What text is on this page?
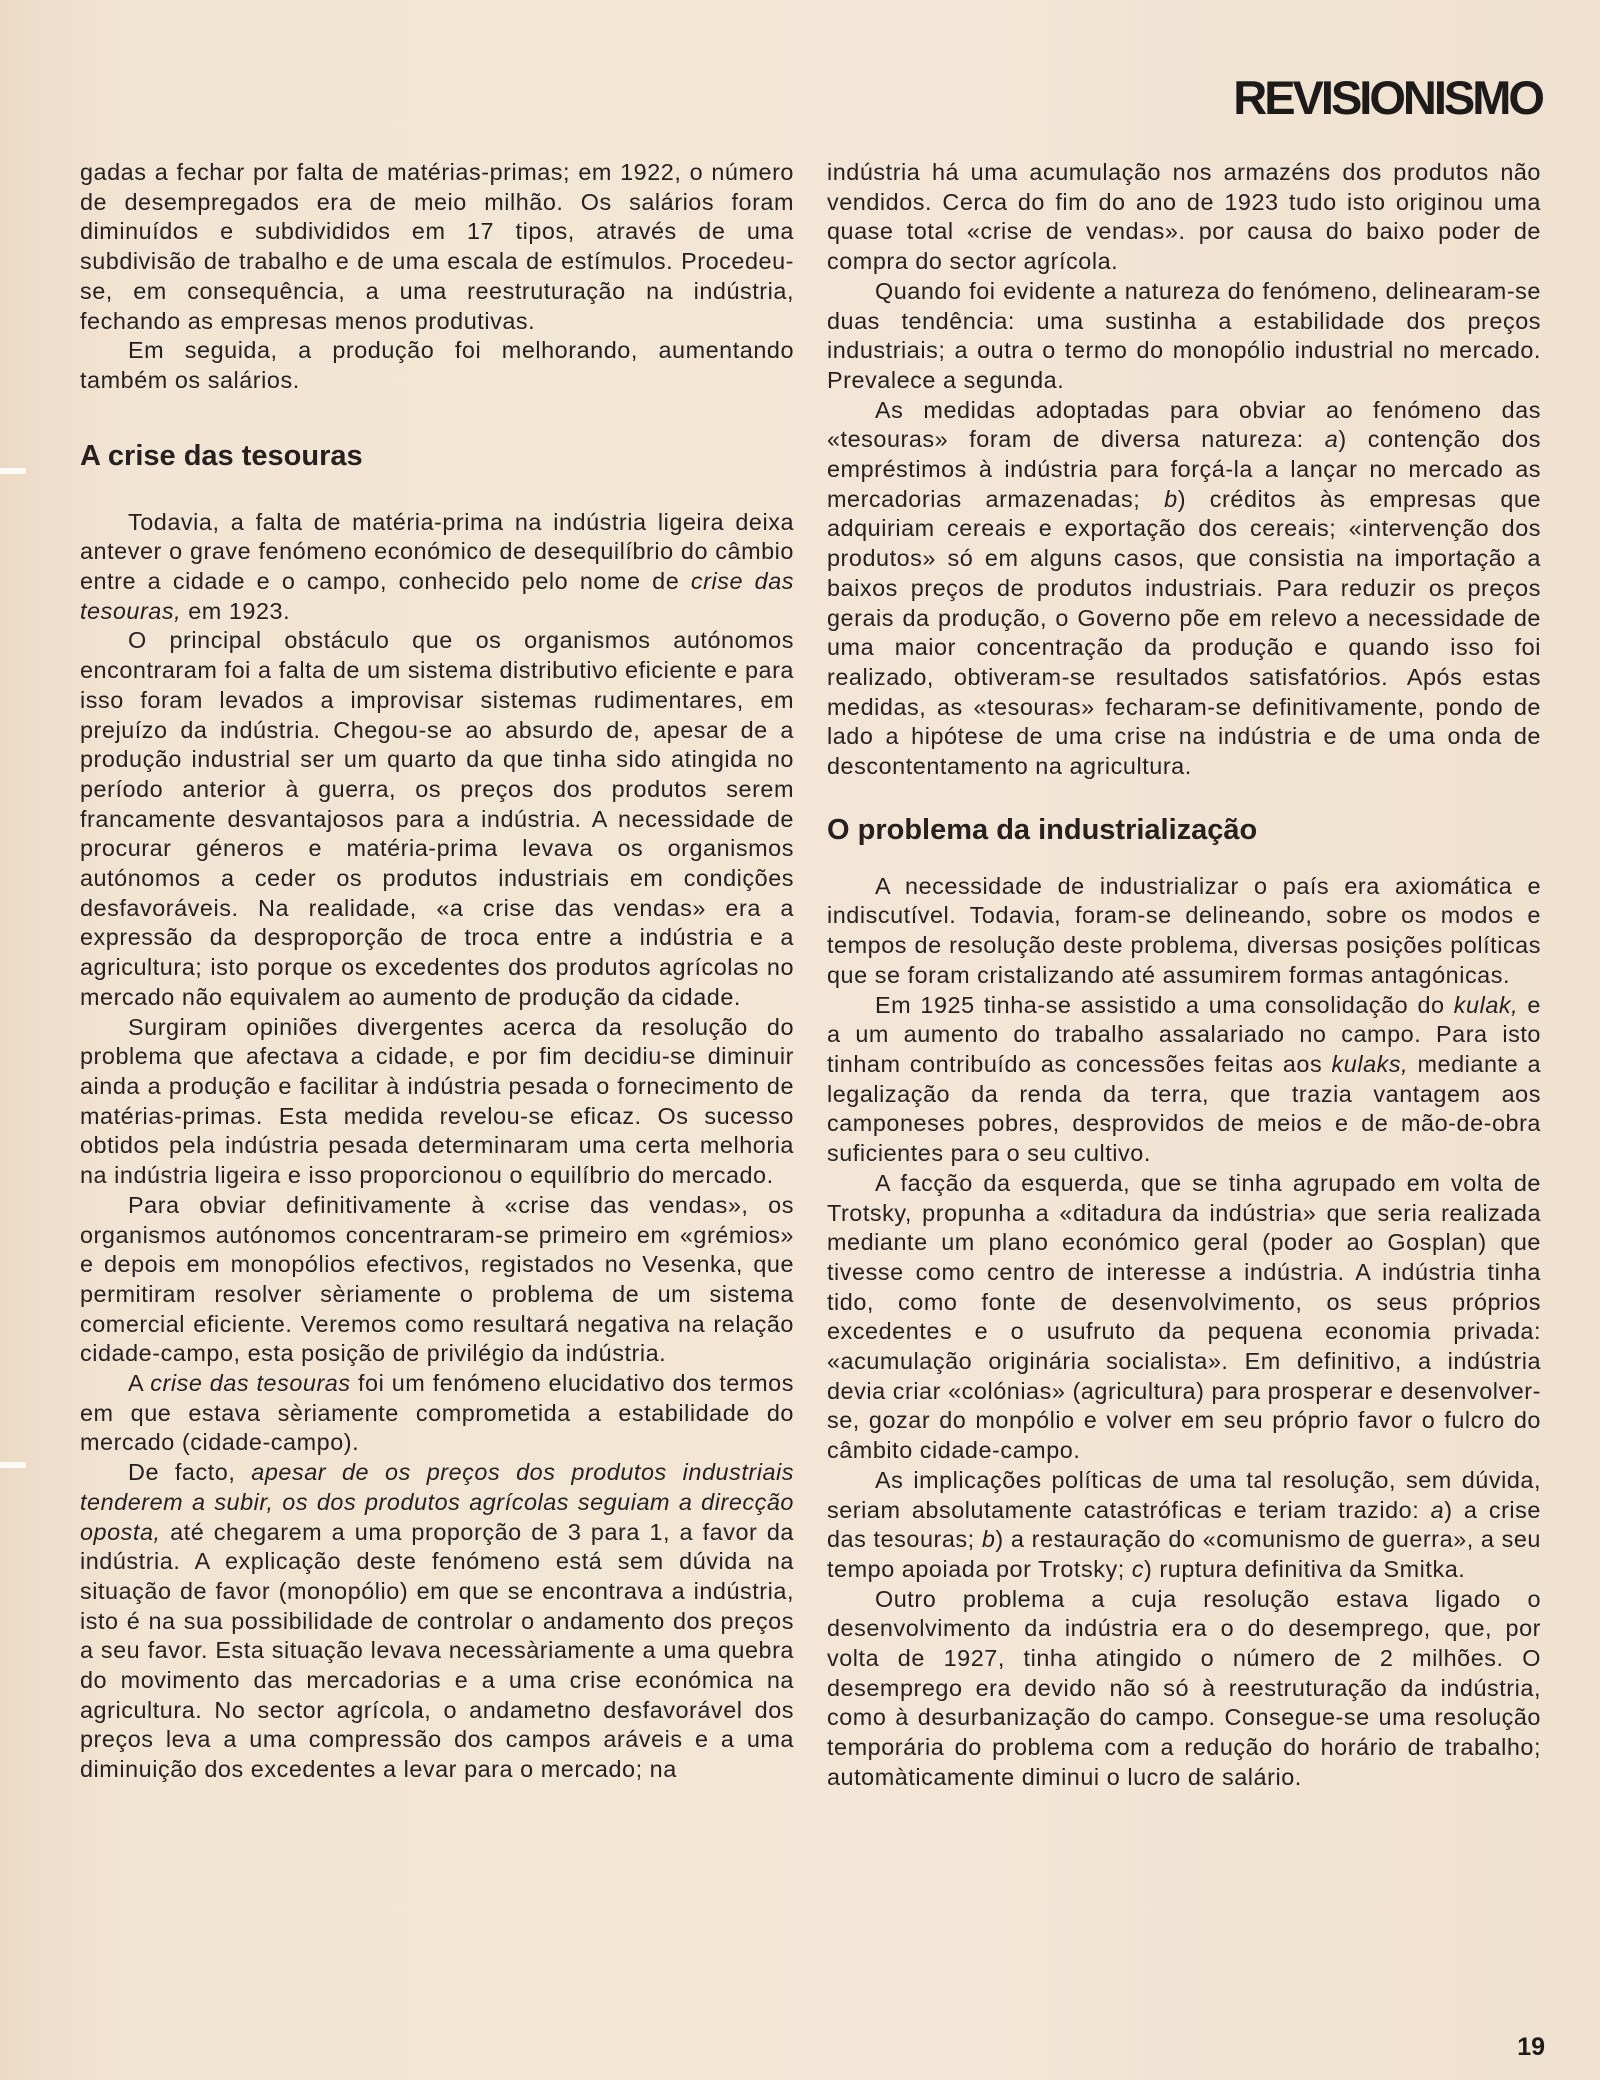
REVISIONISMO

gadas a fechar por falta de matérias-primas; em 1922, o número de desempregados era de meio milhão. Os salários foram diminuídos e subdivididos em 17 tipos, através de uma subdivisão de trabalho e de uma escala de estímulos. Procedeu-se, em consequência, a uma reestruturação na indústria, fechando as empresas menos produtivas.

Em seguida, a produção foi melhorando, aumentando também os salários.

A crise das tesouras

Todavia, a falta de matéria-prima na indústria ligeira deixa antever o grave fenómeno económico de desequilíbrio do câmbio entre a cidade e o campo, conhecido pelo nome de crise das tesouras, em 1923.

O principal obstáculo que os organismos autónomos encontraram foi a falta de um sistema distributivo eficiente e para isso foram levados a improvisar sistemas rudimentares, em prejuízo da indústria. Chegou-se ao absurdo de, apesar de a produção industrial ser um quarto da que tinha sido atingida no período anterior à guerra, os preços dos produtos serem francamente desvantajosos para a indústria. A necessidade de procurar géneros e matéria-prima levava os organismos autónomos a ceder os produtos industriais em condições desfavoráveis. Na realidade, «a crise das vendas» era a expressão da desproporção de troca entre a indústria e a agricultura; isto porque os excedentes dos produtos agrícolas no mercado não equivalem ao aumento de produção da cidade.

Surgiram opiniões divergentes acerca da resolução do problema que afectava a cidade, e por fim decidiu-se diminuir ainda a produção e facilitar à indústria pesada o fornecimento de matérias-primas. Esta medida revelou-se eficaz. Os sucesso obtidos pela indústria pesada determinaram uma certa melhoria na indústria ligeira e isso proporcionou o equilíbrio do mercado.

Para obviar definitivamente à «crise das vendas», os organismos autónomos concentraram-se primeiro em «grémios» e depois em monopólios efectivos, registados no Vesenka, que permitiram resolver sèriamente o problema de um sistema comercial eficiente. Veremos como resultará negativa na relação cidade-campo, esta posição de privilégio da indústria.

A crise das tesouras foi um fenómeno elucidativo dos termos em que estava sèriamente comprometida a estabilidade do mercado (cidade-campo).

De facto, apesar de os preços dos produtos industriais tenderem a subir, os dos produtos agrícolas seguiam a direcção oposta, até chegarem a uma proporção de 3 para 1, a favor da indústria. A explicação deste fenómeno está sem dúvida na situação de favor (monopólio) em que se encontrava a indústria, isto é na sua possibilidade de controlar o andamento dos preços a seu favor. Esta situação levava necessàriamente a uma quebra do movimento das mercadorias e a uma crise económica na agricultura. No sector agrícola, o andametno desfavorável dos preços leva a uma compressão dos campos aráveis e a uma diminuição dos excedentes a levar para o mercado; na

indústria há uma acumulação nos armazéns dos produtos não vendidos. Cerca do fim do ano de 1923 tudo isto originou uma quase total «crise de vendas». por causa do baixo poder de compra do sector agrícola.

Quando foi evidente a natureza do fenómeno, delinearam-se duas tendência: uma sustinha a estabilidade dos preços industriais; a outra o termo do monopólio industrial no mercado. Prevalece a segunda.

As medidas adoptadas para obviar ao fenómeno das «tesouras» foram de diversa natureza: a) contenção dos empréstimos à indústria para forçá-la a lançar no mercado as mercadorias armazenadas; b) créditos às empresas que adquiriam cereais e exportação dos cereais; «intervenção dos produtos» só em alguns casos, que consistia na importação a baixos preços de produtos industriais. Para reduzir os preços gerais da produção, o Governo põe em relevo a necessidade de uma maior concentração da produção e quando isso foi realizado, obtiveram-se resultados satisfatórios. Após estas medidas, as «tesouras» fecharam-se definitivamente, pondo de lado a hipótese de uma crise na indústria e de uma onda de descontentamento na agricultura.

O problema da industrialização

A necessidade de industrializar o país era axiomática e indiscutível. Todavia, foram-se delineando, sobre os modos e tempos de resolução deste problema, diversas posições políticas que se foram cristalizando até assumirem formas antagónicas.

Em 1925 tinha-se assistido a uma consolidação do kulak, e a um aumento do trabalho assalariado no campo. Para isto tinham contribuído as concessões feitas aos kulaks, mediante a legalização da renda da terra, que trazia vantagem aos camponeses pobres, desprovidos de meios e de mão-de-obra suficientes para o seu cultivo.

A facção da esquerda, que se tinha agrupado em volta de Trotsky, propunha a «ditadura da indústria» que seria realizada mediante um plano económico geral (poder ao Gosplan) que tivesse como centro de interesse a indústria. A indústria tinha tido, como fonte de desenvolvimento, os seus próprios excedentes e o usufruto da pequena economia privada: «acumulação originária socialista». Em definitivo, a indústria devia criar «colónias» (agricultura) para prosperar e desenvolver-se, gozar do monpólio e volver em seu próprio favor o fulcro do câmbito cidade-campo.

As implicações políticas de uma tal resolução, sem dúvida, seriam absolutamente catastróficas e teriam trazido: a) a crise das tesouras; b) a restauração do «comunismo de guerra», a seu tempo apoiada por Trotsky; c) ruptura definitiva da Smitka.

Outro problema a cuja resolução estava ligado o desenvolvimento da indústria era o do desemprego, que, por volta de 1927, tinha atingido o número de 2 milhões. O desemprego era devido não só à reestruturação da indústria, como à desurbanização do campo. Consegue-se uma resolução temporária do problema com a redução do horário de trabalho; automàticamente diminui o lucro de salário.

19
